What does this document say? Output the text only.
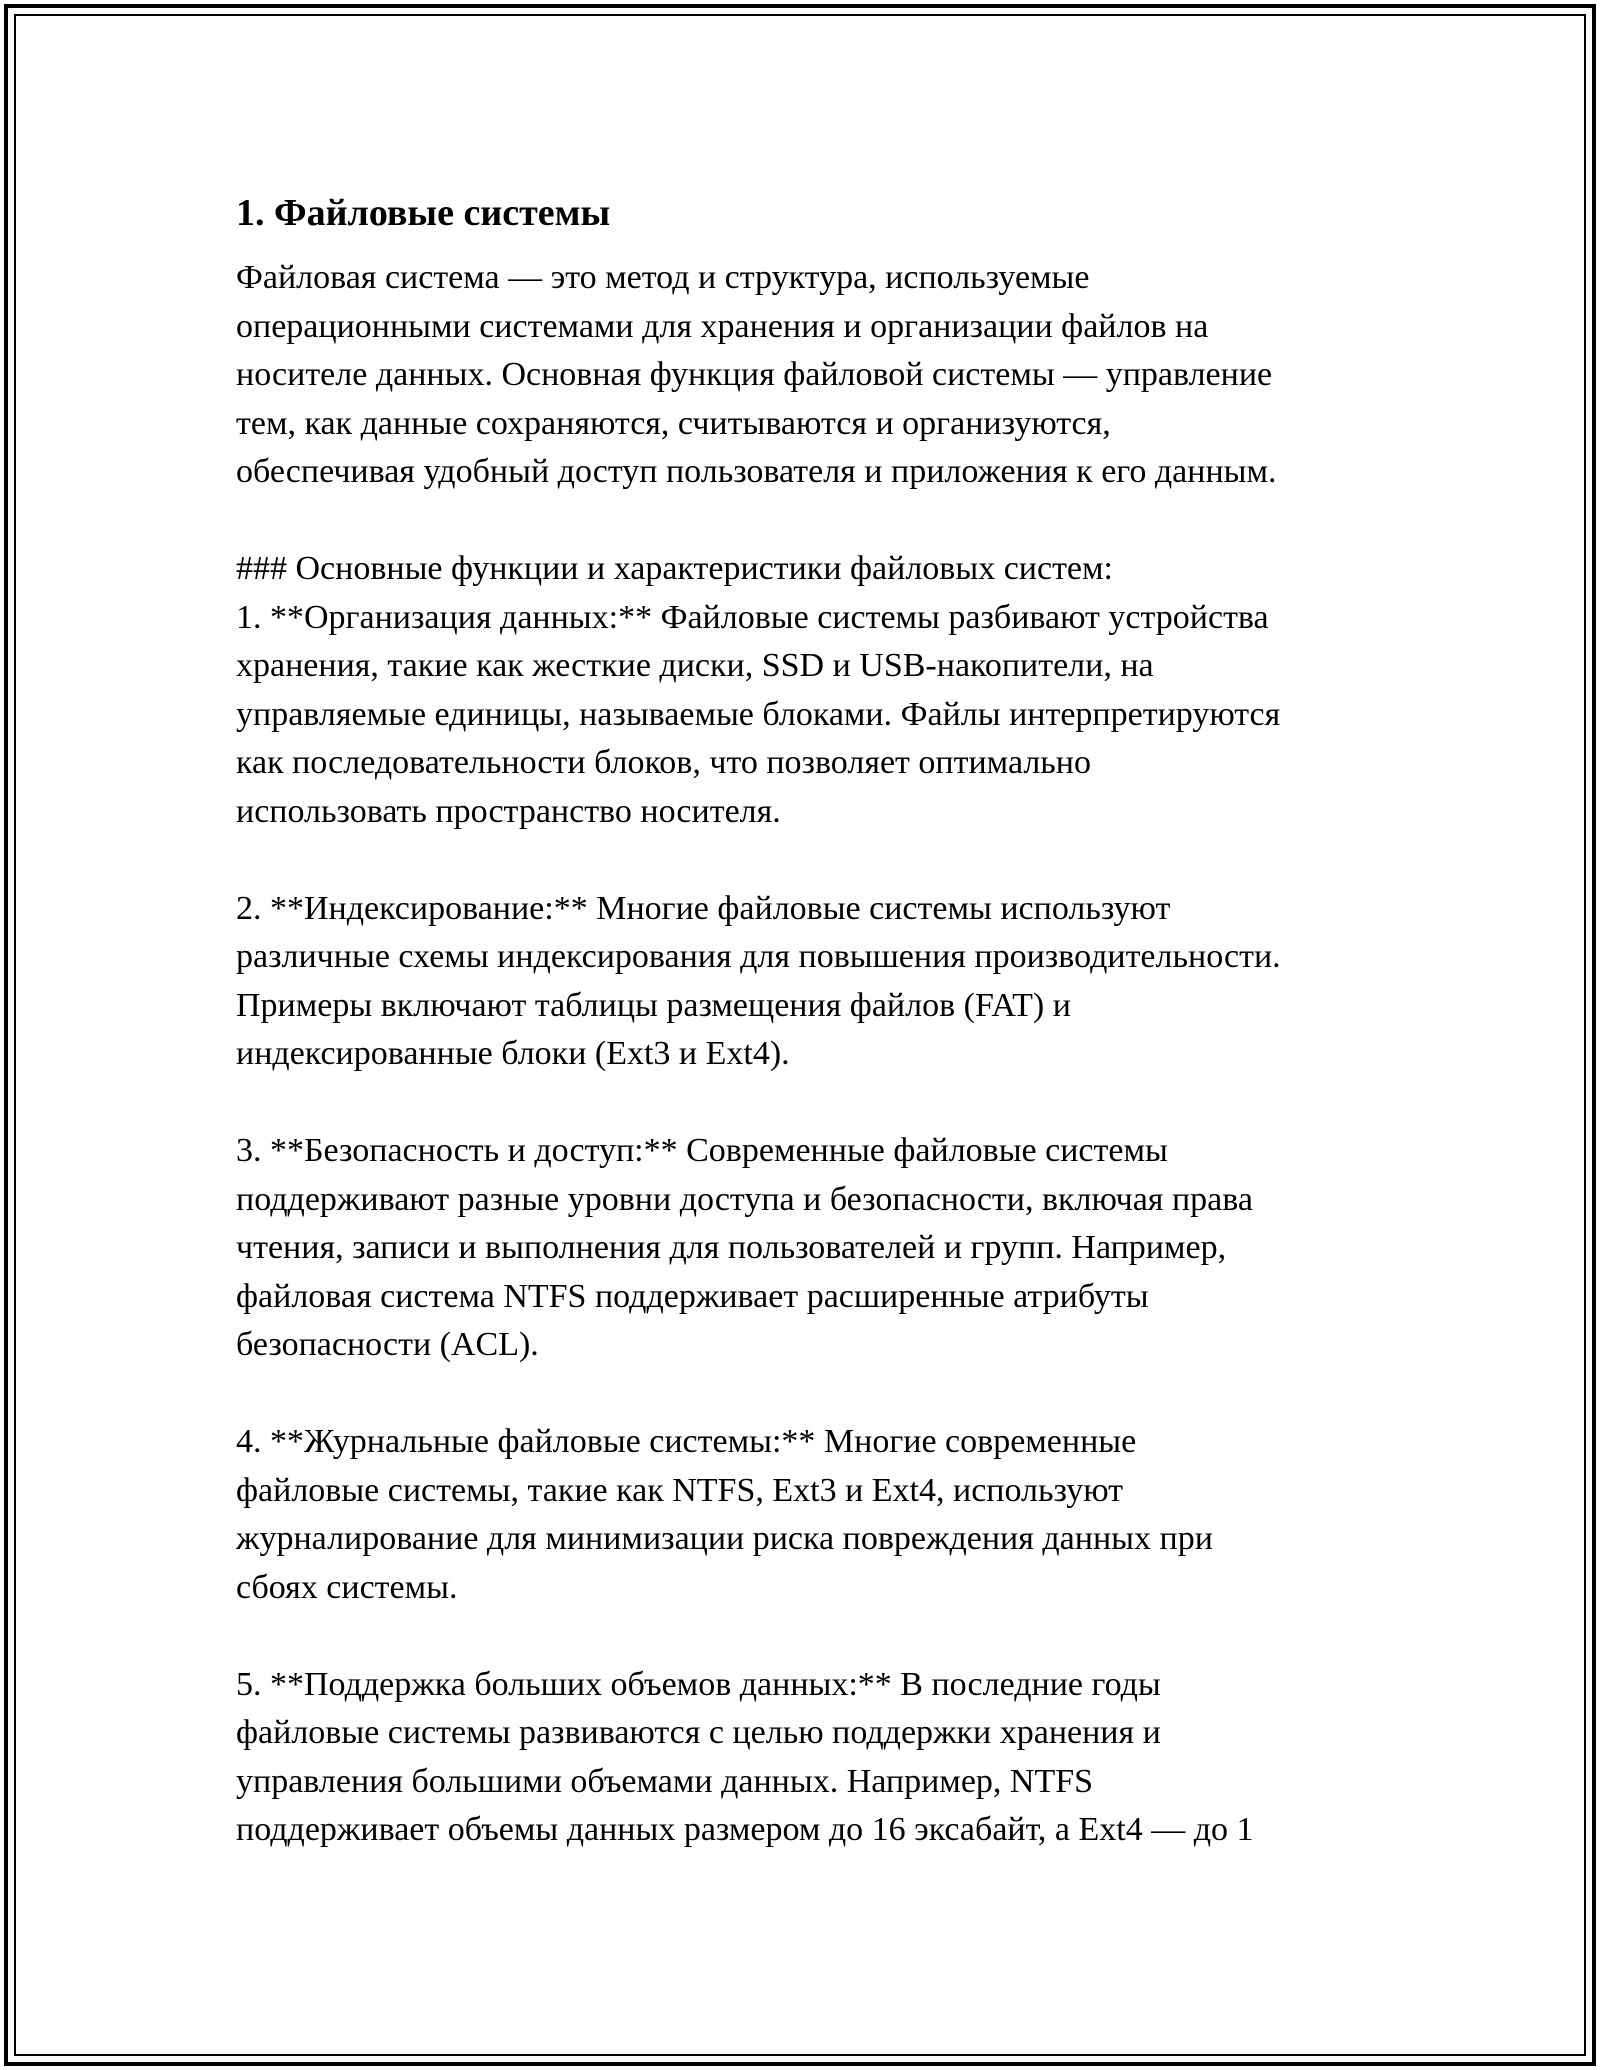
1. Файловые системы
Файловая система — это метод и структура, используемые
операционными системами для хранения и организации файлов на
носителе данных. Основная функция файловой системы — управление
тем, как данные сохраняются, считываются и организуются,
обеспечивая удобный доступ пользователя и приложения к его данным.
### Основные функции и характеристики файловых систем:
1. **Организация данных:** Файловые системы разбивают устройства
хранения, такие как жесткие диски, SSD и USB-накопители, на
управляемые единицы, называемые блоками. Файлы интерпретируются
как последовательности блоков, что позволяет оптимально
использовать пространство носителя.
2. **Индексирование:** Многие файловые системы используют
различные схемы индексирования для повышения производительности.
Примеры включают таблицы размещения файлов (FAT) и
индексированные блоки (Ext3 и Ext4).
3. **Безопасность и доступ:** Современные файловые системы
поддерживают разные уровни доступа и безопасности, включая права
чтения, записи и выполнения для пользователей и групп. Например,
файловая система NTFS поддерживает расширенные атрибуты
безопасности (ACL).
4. **Журнальные файловые системы:** Многие современные
файловые системы, такие как NTFS, Ext3 и Ext4, используют
журналирование для минимизации риска повреждения данных при
сбоях системы.
5. **Поддержка больших объемов данных:** В последние годы
файловые системы развиваются с целью поддержки хранения и
управления большими объемами данных. Например, NTFS
поддерживает объемы данных размером до 16 эксабайт, а Ext4 — до 1
